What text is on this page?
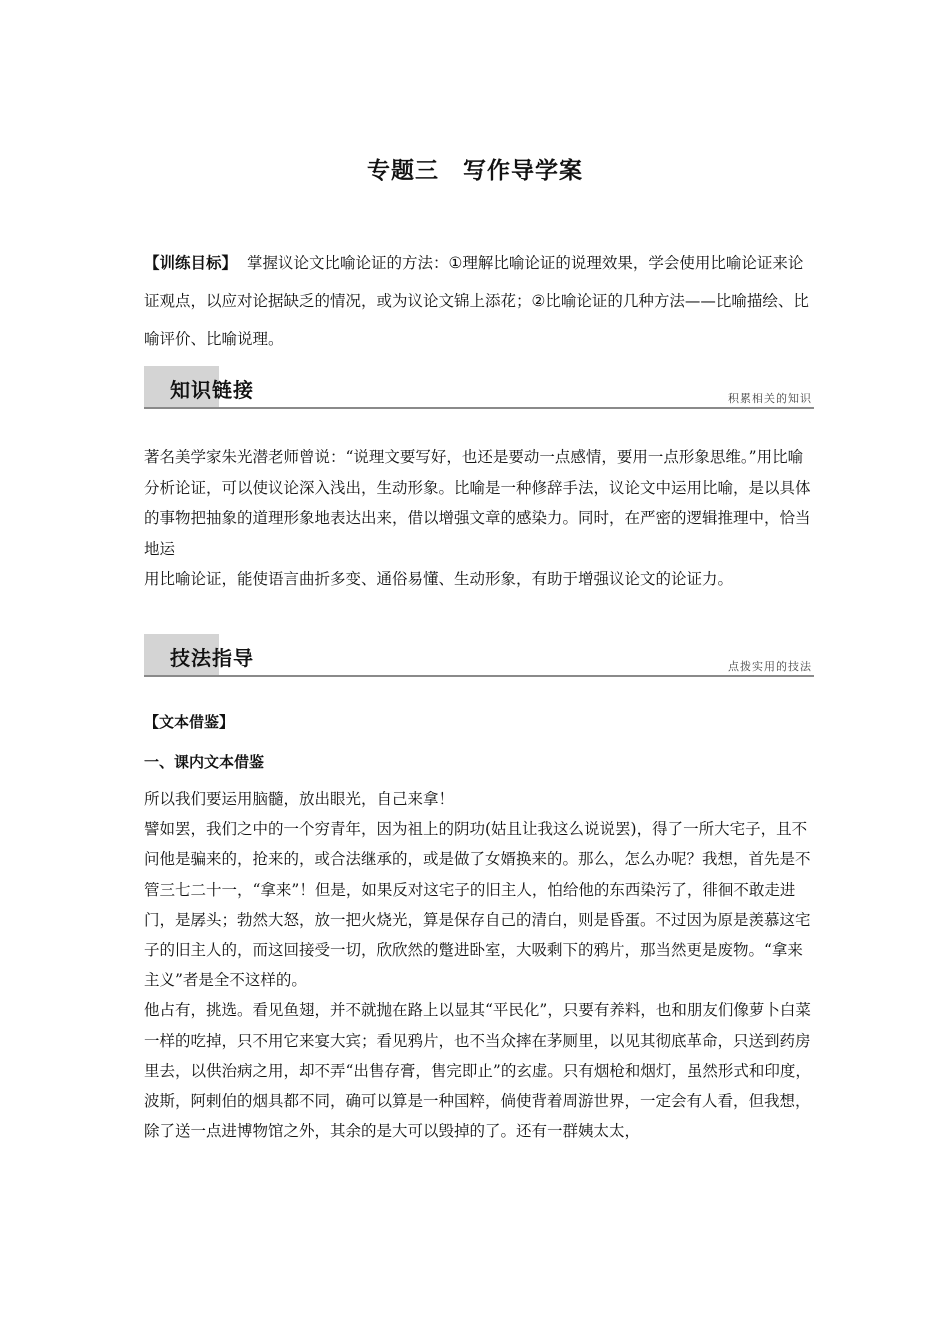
专题三 写作导学案
【训练目标】 掌握议论文比喻论证的方法：①理解比喻论证的说理效果，学会使用比喻论证来论证观点，以应对论据缺乏的情况，或为议论文锦上添花；②比喻论证的几种方法——比喻描绘、比喻评价、比喻说理。
知识链接	积累相关的知识

著名美学家朱光潜老师曾说：“说理文要写好，也还是要动一点感情，要用一点形象思维。”用比喻分析论证，可以使议论深入浅出，生动形象。比喻是一种修辞手法，议论文中运用比喻，是以具体的事物把抽象的道理形象地表达出来，借以增强文章的感染力。同时，在严密的逻辑推理中，恰当地运

用比喻论证，能使语言曲折多变、通俗易懂、生动形象，有助于增强议论文的论证力。

技法指导	点拨实用的技法
【文本借鉴】
一、课内文本借鉴

所以我们要运用脑髓，放出眼光，自己来拿！

譬如罢，我们之中的一个穷青年，因为祖上的阴功(姑且让我这么说说罢)，得了一所大宅子，且不问他是骗来的，抢来的，或合法继承的，或是做了女婿换来的。那么，怎么办呢？我想，首先是不管三七二十一，“拿来”！但是，如果反对这宅子的旧主人，怕给他的东西染污了，徘徊不敢走进门，是孱头；勃然大怒，放一把火烧光，算是保存自己的清白，则是昏蛋。不过因为原是羡慕这宅子的旧主人的，而这回接受一切，欣欣然的蹩进卧室，大吸剩下的鸦片，那当然更是废物。“拿来主义”者是全不这样的。

他占有，挑选。看见鱼翅，并不就抛在路上以显其“平民化”，只要有养料，也和朋友们像萝卜白菜一样的吃掉，只不用它来宴大宾；看见鸦片，也不当众摔在茅厕里，以见其彻底革命，只送到药房里去，以供治病之用，却不弄“出售存膏，售完即止”的玄虚。只有烟枪和烟灯，虽然形式和印度，波斯，阿剌伯的烟具都不同，确可以算是一种国粹，倘使背着周游世界，一定会有人看，但我想，除了送一点进博物馆之外，其余的是大可以毁掉的了。还有一群姨太太，
